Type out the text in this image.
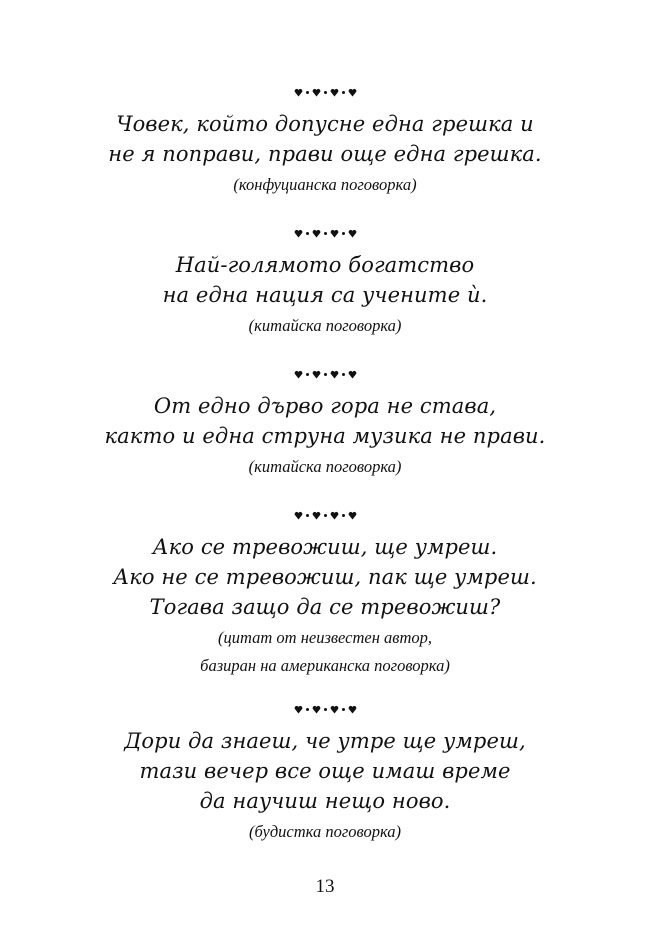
Човек, който допусне една грешка и
не я поправи, прави още една грешка.
(конфуцианска поговорка)
Най-голямото богатство
на една нация са учените ѝ.
(китайска поговорка)
От едно дърво гора не става,
както и една струна музика не прави.
(китайска поговорка)
Ако се тревожиш, ще умреш.
Ако не се тревожиш, пак ще умреш.
Тогава защо да се тревожиш?
(цитат от неизвестен автор,
базиран на американска поговорка)
Дори да знаеш, че утре ще умреш,
тази вечер все още имаш време
да научиш нещо ново.
(будистка поговорка)
13
